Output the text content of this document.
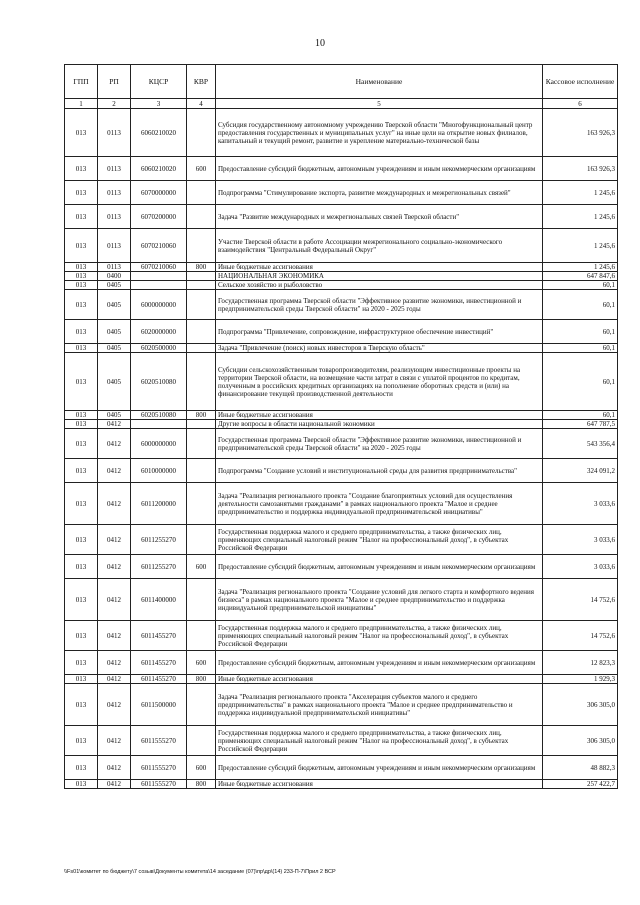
10
ГПП	РП	КЦСР	КВР	Наименование	Кассовое исполнение
1	2	3	4	5	6
013	0113	6060210020		Субсидия государственному автономному учреждению Тверской области "Многофункциональный центр предоставления государственных и муниципальных услуг" на иные цели на открытие новых филиалов, капитальный и текущий ремонт, развитие и укрепление материально-технической базы	163 926,3
013	0113	6060210020	600	Предоставление субсидий бюджетным, автономным учреждениям и иным некоммерческим организациям	163 926,3
013	0113	6070000000		Подпрограмма "Стимулирование экспорта, развитие международных и межрегиональных связей"	1 245,6
013	0113	6070200000		Задача "Развитие международных и межрегиональных связей Тверской области"	1 245,6
013	0113	6070210060		Участие Тверской области в работе Ассоциации межрегионального социально-экономического взаимодействия "Центральный Федеральный Округ"	1 245,6
013	0113	6070210060	800	Иные бюджетные ассигнования	1 245,6
013	0400			НАЦИОНАЛЬНАЯ ЭКОНОМИКА	647 847,6
013	0405			Сельское хозяйство и рыболовство	60,1
013	0405	6000000000		Государственная программа Тверской области "Эффективное развитие экономики, инвестиционной и предпринимательской среды Тверской области" на 2020 - 2025 годы	60,1
013	0405	6020000000		Подпрограмма "Привлечение, сопровождение, инфраструктурное обеспечение инвестиций"	60,1
013	0405	6020500000		Задача "Привлечение (поиск) новых инвесторов в Тверскую область"	60,1
013	0405	6020510080		Субсидии сельскохозяйственным товаропроизводителям, реализующим инвестиционные проекты на территории Тверской области, на возмещение части затрат в связи с уплатой процентов по кредитам, полученным в российских кредитных организациях на пополнение оборотных средств и (или) на финансирование текущей производственной деятельности	60,1
013	0405	6020510080	800	Иные бюджетные ассигнования	60,1
013	0412			Другие вопросы в области национальной экономики	647 787,5
013	0412	6000000000		Государственная программа Тверской области "Эффективное развитие экономики, инвестиционной и предпринимательской среды Тверской области" на 2020 - 2025 годы	543 356,4
013	0412	6010000000		Подпрограмма "Создание условий и институциональной среды для развития предпринимательства"	324 091,2
013	0412	6011200000		Задача "Реализация регионального проекта "Создание благоприятных условий для осуществления деятельности самозанятыми гражданами" в рамках национального проекта "Малое и среднее предпринимательство и поддержка индивидуальной предпринимательской инициативы"	3 033,6
013	0412	6011255270		Государственная поддержка малого и среднего предпринимательства, а также физических лиц, применяющих специальный налоговый режим "Налог на профессиональный доход", в субъектах Российской Федерации	3 033,6
013	0412	6011255270	600	Предоставление субсидий бюджетным, автономным учреждениям и иным некоммерческим организациям	3 033,6
013	0412	6011400000		Задача "Реализация регионального проекта "Создание условий для легкого старта и комфортного ведения бизнеса" в рамках национального проекта "Малое и среднее предпринимательство и поддержка индивидуальной предпринимательской инициативы"	14 752,6
013	0412	6011455270		Государственная поддержка малого и среднего предпринимательства, а также физических лиц, применяющих специальный налоговый режим "Налог на профессиональный доход", в субъектах Российской Федерации	14 752,6
013	0412	6011455270	600	Предоставление субсидий бюджетным, автономным учреждениям и иным некоммерческим организациям	12 823,3
013	0412	6011455270	800	Иные бюджетные ассигнования	1 929,3
013	0412	6011500000		Задача "Реализация регионального проекта "Акселерация субъектов малого и среднего предпринимательства" в рамках национального проекта "Малое и среднее предпринимательство и поддержка индивидуальной предпринимательской инициативы"	306 305,0
013	0412	6011555270		Государственная поддержка малого и среднего предпринимательства, а также физических лиц, применяющих специальный налоговый режим "Налог на профессиональный доход", в субъектах Российской Федерации	306 305,0
013	0412	6011555270	600	Предоставление субсидий бюджетным, автономным учреждениям и иным некоммерческим организациям	48 882,3
013	0412	6011555270	800	Иные бюджетные ассигнования	257 422,7
\\Fs01\комитет по бюджету\7 созыв\Документы комитета\14 заседание (07)\пр\др\(14) 233-П-7\Прил 2 ВСР
